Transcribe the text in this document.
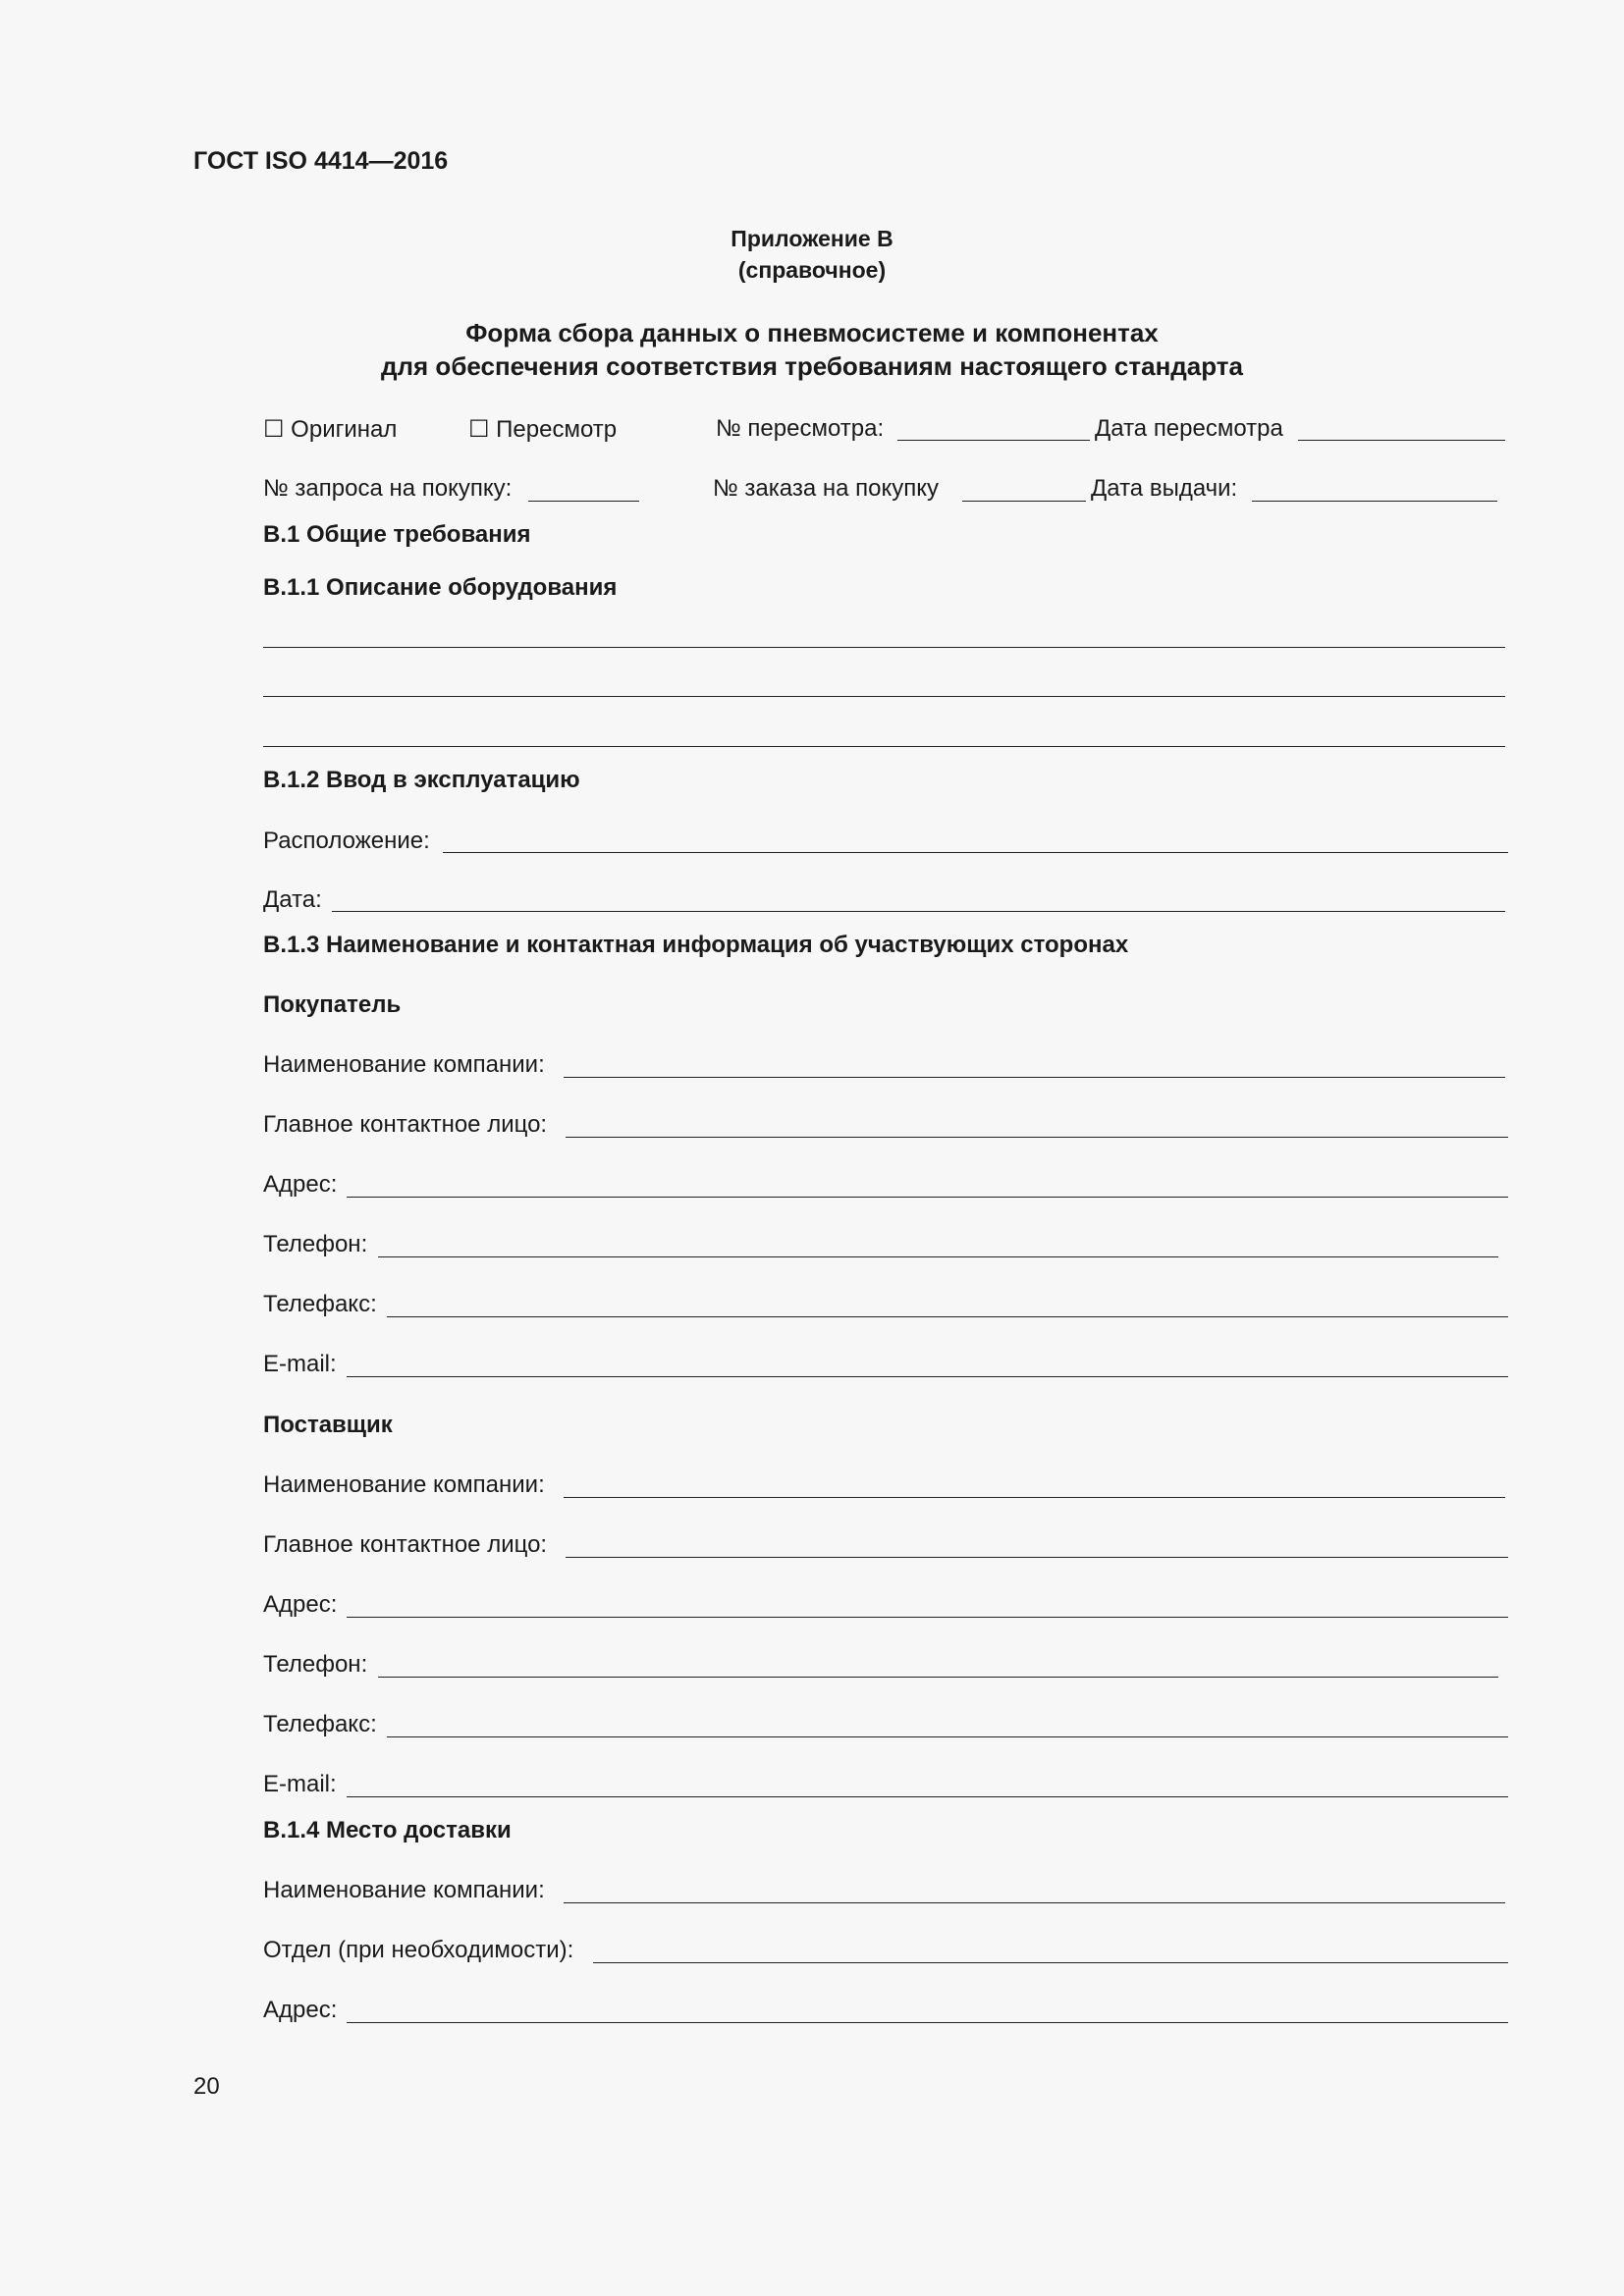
ГОСТ ISO 4414—2016
Приложение В
(справочное)
Форма сбора данных о пневмосистеме и компонентах
для обеспечения соответствия требованиям настоящего стандарта
☐ Оригинал	☐ Пересмотр	№ пересмотра:	Дата пересмотра
№ запроса на покупку:	№ заказа на покупку	Дата выдачи:
В.1 Общие требования
В.1.1 Описание оборудования
В.1.2 Ввод в эксплуатацию
Расположение:
Дата:
В.1.3 Наименование и контактная информация об участвующих сторонах
Покупатель
Наименование компании:
Главное контактное лицо:
Адрес:
Телефон:
Телефакс:
E-mail:
Поставщик
Наименование компании:
Главное контактное лицо:
Адрес:
Телефон:
Телефакс:
E-mail:
В.1.4 Место доставки
Наименование компании:
Отдел (при необходимости):
Адрес:
20
